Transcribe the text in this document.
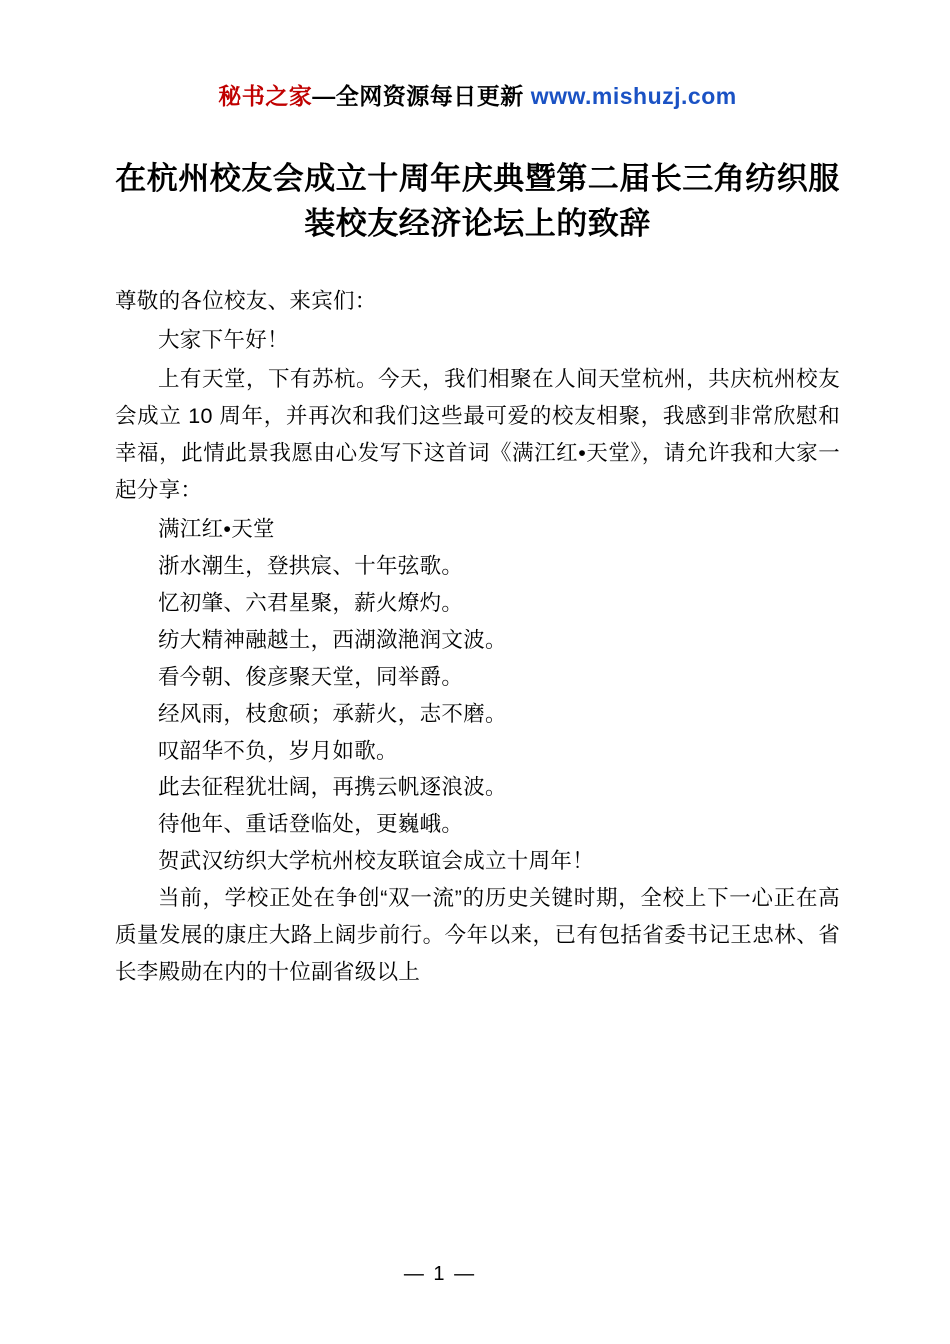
秘书之家—全网资源每日更新 www.mishuzj.com
在杭州校友会成立十周年庆典暨第二届长三角纺织服装校友经济论坛上的致辞

尊敬的各位校友、来宾们：

大家下午好！

上有天堂，下有苏杭。今天，我们相聚在人间天堂杭州，共庆杭州校友会成立 10 周年，并再次和我们这些最可爱的校友相聚，我感到非常欣慰和幸福，此情此景我愿由心发写下这首词《满江红•天堂》，请允许我和大家一起分享：

满江红•天堂

浙水潮生，登拱宸、十年弦歌。

忆初肇、六君星聚，薪火燎灼。

纺大精神融越土，西湖潋滟润文波。

看今朝、俊彦聚天堂，同举爵。

经风雨，枝愈硕；承薪火，志不磨。

叹韶华不负，岁月如歌。

此去征程犹壮阔，再携云帆逐浪波。

待他年、重话登临处，更巍峨。

贺武汉纺织大学杭州校友联谊会成立十周年！

当前，学校正处在争创“双一流”的历史关键时期，全校上下一心正在高质量发展的康庄大路上阔步前行。今年以来，已有包括省委书记王忠林、省长李殿勋在内的十位副省级以上

— 1 —
